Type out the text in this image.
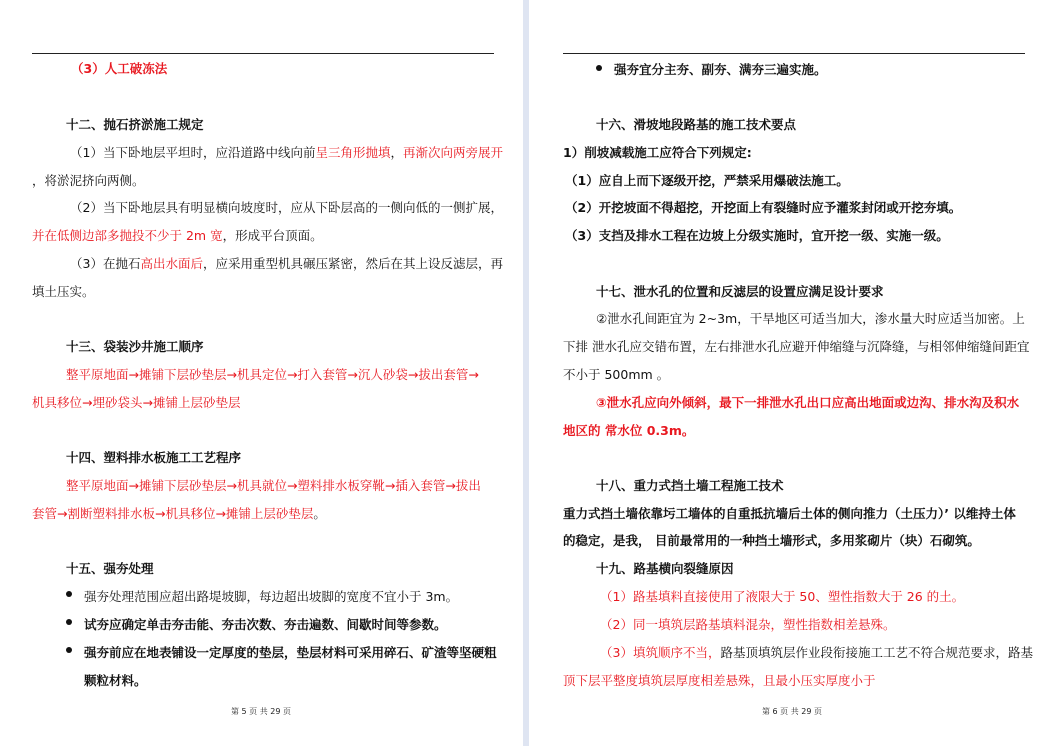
（3）人工破冻法
十二、抛石挤淤施工规定
（1）当下卧地层平坦时，应沿道路中线向前呈三角形抛填，再渐次向两旁展开
，将淤泥挤向两侧。
（2）当下卧地层具有明显横向坡度时，应从下卧层高的一侧向低的一侧扩展，
并在低侧边部多抛投不少于 2m 宽，形成平台顶面。
（3）在抛石高出水面后，应采用重型机具碾压紧密，然后在其上设反滤层，再
填土压实。
十三、袋装沙井施工顺序
整平原地面→摊铺下层砂垫层→机具定位→打入套管→沉人砂袋→拔出套管→
机具移位→埋砂袋头→摊铺上层砂垫层
十四、塑料排水板施工工艺程序
整平原地面→摊铺下层砂垫层→机具就位→塑料排水板穿靴→插入套管→拔出
套管→割断塑料排水板→机具移位→摊铺上层砂垫层。
十五、强夯处理
强夯处理范围应超出路堤坡脚，每边超出坡脚的宽度不宜小于 3m。
试夯应确定单击夯击能、夯击次数、夯击遍数、间歇时间等参数。
强夯前应在地表铺设一定厚度的垫层，垫层材料可采用碎石、矿渣等坚硬粗
颗粒材料。
第 5 页 共 29 页
强夯宜分主夯、副夯、满夯三遍实施。
十六、滑坡地段路基的施工技术要点
1）削坡减载施工应符合下列规定:
（1）应自上而下逐级开挖，严禁采用爆破法施工。
（2）开挖坡面不得超挖，开挖面上有裂缝时应予灌浆封闭或开挖夯填。
（3）支挡及排水工程在边坡上分级实施时，宜开挖一级、实施一级。
十七、泄水孔的位置和反滤层的设置应满足设计要求
②泄水孔间距宜为 2~3m，干旱地区可适当加大，渗水量大时应适当加密。上
下排 泄水孔应交错布置，左右排泄水孔应避开伸缩缝与沉降缝，与相邻伸缩缝间距宜
不小于 500mm 。
③泄水孔应向外倾斜，最下一排泄水孔出口应高出地面或边沟、排水沟及积水
地区的 常水位 0.3m。
十八、重力式挡土墙工程施工技术
重力式挡土墙依靠圬工墙体的自重抵抗墙后土体的侧向推力（土压力）’ 以维持土体
的稳定，是我， 目前最常用的一种挡土墙形式，多用浆砌片（块）石砌筑。
十九、路基横向裂缝原因
（1）路基填料直接使用了液限大于 50、塑性指数大于 26 的土。
（2）同一填筑层路基填料混杂，塑性指数相差悬殊。
（3）填筑顺序不当，路基顶填筑层作业段衔接施工工艺不符合规范要求，路基
顶下层平整度填筑层厚度相差悬殊，且最小压实厚度小于
第 6 页 共 29 页
